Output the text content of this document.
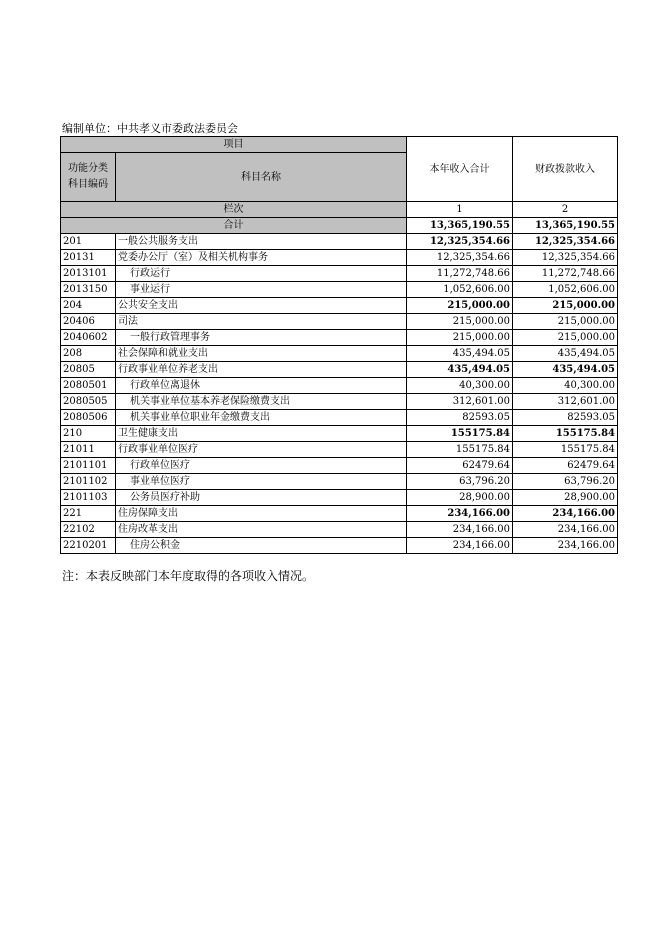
编制单位：中共孝义市委政法委员会
项目		本年收入合计	财政拨款收入

功能分类
科目编码	科目名称		

栏次		1	2
合计		13,365,190.55	13,365,190.55
201	一般公共服务支出	12,325,354.66	12,325,354.66
20131	党委办公厅（室）及相关机构事务	12,325,354.66	12,325,354.66
2013101	行政运行	11,272,748.66	11,272,748.66
2013150	事业运行	1,052,606.00	1,052,606.00
204	公共安全支出	215,000.00	215,000.00
20406	司法	215,000.00	215,000.00
2040602	一般行政管理事务	215,000.00	215,000.00
208	社会保障和就业支出	435,494.05	435,494.05
20805	行政事业单位养老支出	435,494.05	435,494.05
2080501	行政单位离退休	40,300.00	40,300.00
2080505	机关事业单位基本养老保险缴费支出	312,601.00	312,601.00
2080506	机关事业单位职业年金缴费支出	82593.05	82593.05
210	卫生健康支出	155175.84	155175.84
21011	行政事业单位医疗	155175.84	155175.84
2101101	行政单位医疗	62479.64	62479.64
2101102	事业单位医疗	63,796.20	63,796.20
2101103	公务员医疗补助	28,900.00	28,900.00
221	住房保障支出	234,166.00	234,166.00
22102	住房改革支出	234,166.00	234,166.00
2210201	住房公积金	234,166.00	234,166.00
注：本表反映部门本年度取得的各项收入情况。
